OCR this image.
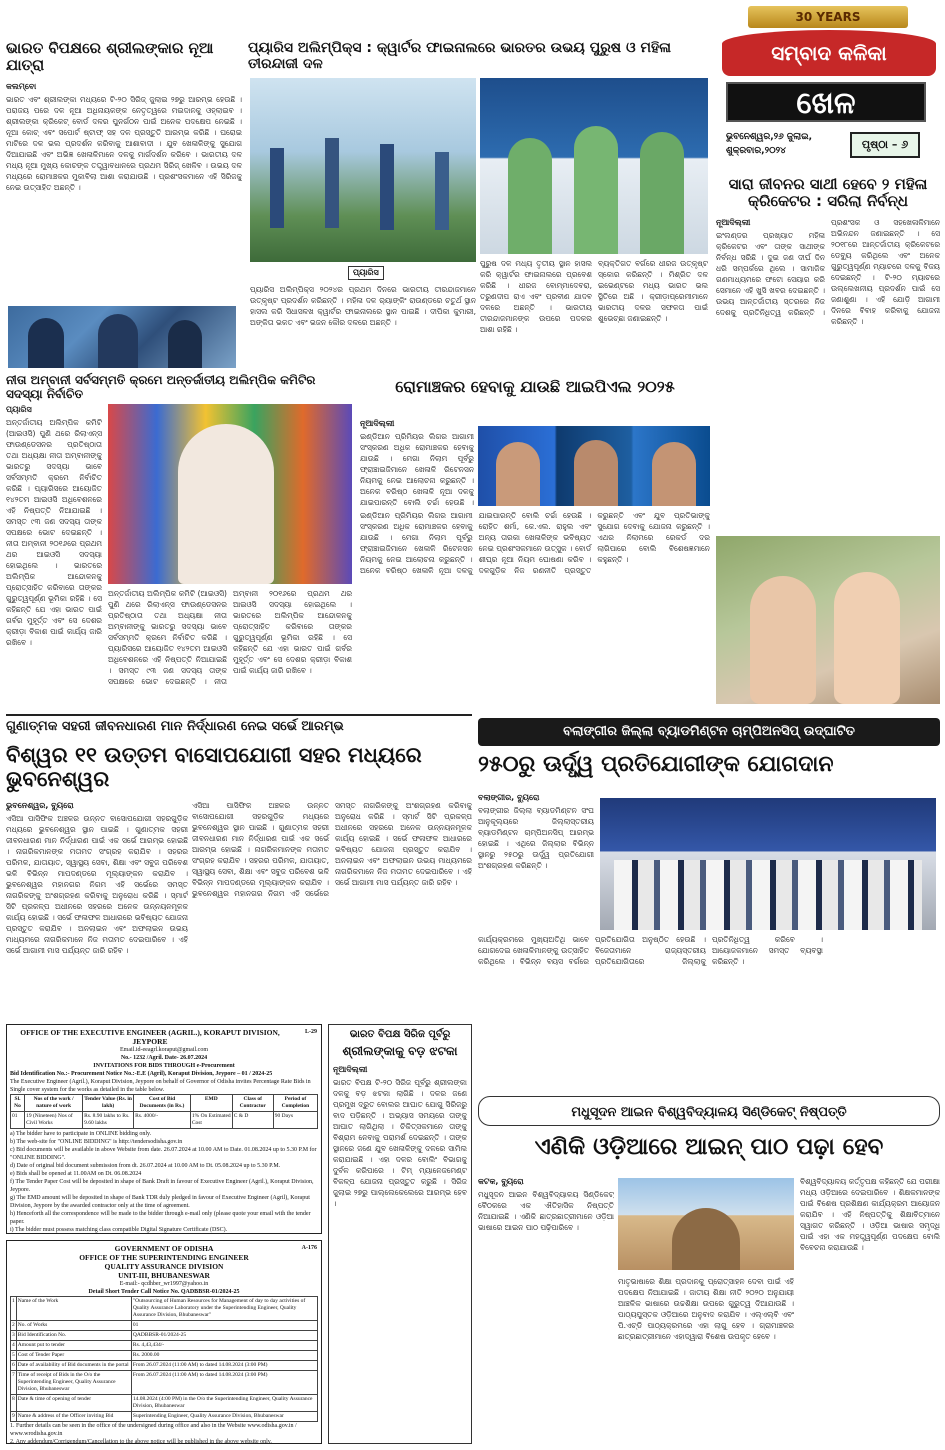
30 YEARS
ସମ୍ବାଦ କଳିକା
ଖେଳ
ଭୁବନେଶ୍ୱର,୨୬ ଜୁଲାଇ,
ଶୁକ୍ରବାର,୨୦୨୪	ପୃଷ୍ଠା – ୬
ଭାରତ ବିପକ୍ଷରେ ଶ୍ରୀଲଙ୍କାର ନୂଆ ଯାତ୍ରା
କଲମ୍ବୋ
ଭାରତ ଏବଂ ଶ୍ରୀଲଙ୍କା ମଧ୍ୟରେ ଟି-୨୦ ସିରିଜ୍ ଜୁଲାଇ ୨୭ରୁ ଆରମ୍ଭ ହେଉଛି । ପରାଜୟ ପରେ ଦଳ ନୂଆ ଅଧିନାୟକଙ୍କ ନେତୃତ୍ୱରେ ମଇଦାନକୁ ଓହ୍ଲାଇବ । ଶ୍ରୀଲଙ୍କା କ୍ରିକେଟ୍ ବୋର୍ଡ ଦଳର ପୁନର୍ଗଠନ ପାଇଁ ଅନେକ ପଦକ୍ଷେପ ନେଇଛି । ନୂଆ କୋଚ୍ ଏବଂ ସପୋର୍ଟ ଷ୍ଟାଫ୍ ସହ ଦଳ ପ୍ରସ୍ତୁତି ଆରମ୍ଭ କରିଛି । ଘରୋଇ ମାଟିରେ ଦଳ ଭଲ ପ୍ରଦର୍ଶନ କରିବାକୁ ଆଶାବାଦୀ । ଯୁବ ଖେଳାଳିଙ୍କୁ ସୁଯୋଗ ଦିଆଯାଇଛି ଏବଂ ଅଭିଜ୍ଞ ଖେଳାଳିମାନେ ଦଳକୁ ମାର୍ଗଦର୍ଶନ କରିବେ । ଭାରତୀୟ ଦଳ ମଧ୍ୟ ନୂଆ ମୁଖ୍ୟ କୋଚଙ୍କ ତତ୍ତ୍ୱାବଧାନରେ ପ୍ରଥମ ସିରିଜ୍ ଖେଳିବ । ଉଭୟ ଦଳ ମଧ୍ୟରେ ରୋମାଞ୍ଚକର ମୁକାବିଲା ଆଶା କରାଯାଉଛି । ପ୍ରଶଂସକମାନେ ଏହି ସିରିଜକୁ ନେଇ ଉତ୍ସାହିତ ଅଛନ୍ତି ।
ପ୍ୟାରିସ ଅଲିମ୍ପିକ୍ସ : କ୍ୱାର୍ଟର ଫାଇନାଲରେ ଭାରତର ଉଭୟ ପୁରୁଷ ଓ ମହିଳା ତୀରନ୍ଦାଜୀ ଦଳ
ପ୍ୟାରିସ
ପ୍ୟାରିସ ଅଲିମ୍ପିକ୍ସ ୨୦୨୪ର ପ୍ରଥମ ଦିନରେ ଭାରତୀୟ ତୀରନ୍ଦାଜମାନେ ଉତ୍କୃଷ୍ଟ ପ୍ରଦର୍ଶନ କରିଛନ୍ତି । ମହିଳା ଦଳ ର‍୍ୟାଙ୍କିଂ ରାଉଣ୍ଡରେ ଚତୁର୍ଥ ସ୍ଥାନ ହାସଲ କରି ସିଧାସଳଖ କ୍ୱାର୍ଟର ଫାଇନାଲରେ ସ୍ଥାନ ପାଇଛି । ଦୀପିକା କୁମାରୀ, ଅଙ୍କିତା ଭକତ ଏବଂ ଭଜନ କୌର ଦଳରେ ଅଛନ୍ତି ।
ପୁରୁଷ ଦଳ ମଧ୍ୟ ତୃତୀୟ ସ୍ଥାନ ହାସଲ କରି କ୍ୱାର୍ଟର ଫାଇନାଲରେ ପ୍ରବେଶ କରିଛି । ଧୀରଜ ବୋମ୍ମାଦେବରା, ତରୁଣଦୀପ ରାଏ ଏବଂ ପ୍ରବୀଣ ଯାଦବ ଦଳରେ ଅଛନ୍ତି । ଭାରତୀୟ ତୀରନ୍ଦାଜମାନଙ୍କ ଉପରେ ପଦକର ଆଶା ରହିଛି ।
ବ୍ୟକ୍ତିଗତ ବର୍ଗରେ ଧୀରଜ ଉତ୍କୃଷ୍ଟ ସ୍କୋର କରିଛନ୍ତି । ମିଶ୍ରିତ ଦଳ ଇଭେଣ୍ଟରେ ମଧ୍ୟ ଭାରତ ଭଲ ସ୍ଥିତିରେ ଅଛି । କ୍ରୀଡ଼ାପ୍ରେମୀମାନେ ଭାରତୀୟ ଦଳର ସଫଳତା ପାଇଁ ଶୁଭେଚ୍ଛା ଜଣାଇଛନ୍ତି ।
ସାରା ଜୀବନର ସାଥୀ ହେବେ ୨ ମହିଳା କ୍ରିକେଟର : ସରିଲା ନିର୍ବନ୍ଧ
ନୂଆଦିଲ୍ଲୀ
ଇଂଲଣ୍ଡର ପ୍ରଖ୍ୟାତ ମହିଳା କ୍ରିକେଟର ଏବଂ ତାଙ୍କ ସାଥୀଙ୍କ ନିର୍ବନ୍ଧ ସରିଛି । ଦୁଇ ଜଣ ଦୀର୍ଘ ଦିନ ଧରି ସମ୍ପର୍କରେ ଥିଲେ । ସାମାଜିକ ଗଣମାଧ୍ୟମରେ ଫଟୋ ସେୟାର କରି ସେମାନେ ଏହି ଖୁସି ଖବର ଦେଇଛନ୍ତି । ଉଭୟ ଆନ୍ତର୍ଜାତୀୟ ସ୍ତରରେ ନିଜ ଦେଶକୁ ପ୍ରତିନିଧିତ୍ୱ କରିଛନ୍ତି । ପ୍ରଶଂସକ ଓ ସହଖେଳାଳିମାନେ ଅଭିନନ୍ଦନ ଜଣାଇଛନ୍ତି । ସେ ୨୦୧୮ରେ ଆନ୍ତର୍ଜାତୀୟ କ୍ରିକେଟରେ ଡେବ୍ୟୁ କରିଥିଲେ ଏବଂ ଅନେକ ଗୁରୁତ୍ୱପୂର୍ଣ୍ଣ ମ୍ୟାଚରେ ଦଳକୁ ବିଜୟ ଦେଇଛନ୍ତି । ଟି-୨୦ ମ୍ୟାଚରେ ଉଲ୍ଲେଖନୀୟ ପ୍ରଦର୍ଶନ ପାଇଁ ସେ ଜଣାଶୁଣା । ଏହି ଯୋଡ଼ି ଆଗାମୀ ଦିନରେ ବିବାହ କରିବାକୁ ଯୋଜନା କରିଛନ୍ତି ।
ନୀତା ଅମ୍ବାନୀ ସର୍ବସମ୍ମତି କ୍ରମେ ଅନ୍ତର୍ଜାତୀୟ ଅଲିମ୍ପିକ କମିଟିର ସଦସ୍ୟା ନିର୍ବାଚିତ
ପ୍ୟାରିସ
ଅନ୍ତର୍ଜାତୀୟ ଅଲିମ୍ପିକ କମିଟି (ଆଇଓସି) ପୁଣି ଥରେ ରିଲାଏନ୍ସ ଫାଉଣ୍ଡେସନର ପ୍ରତିଷ୍ଠାତା ତଥା ଅଧ୍ୟକ୍ଷା ନୀତା ଅମ୍ବାନୀଙ୍କୁ ଭାରତରୁ ସଦସ୍ୟା ଭାବେ ସର୍ବସମ୍ମତି କ୍ରମେ ନିର୍ବାଚିତ କରିଛି । ପ୍ୟାରିସରେ ଆୟୋଜିତ ୧୪୨ତମ ଆଇଓସି ଅଧିବେଶନରେ ଏହି ନିଷ୍ପତ୍ତି ନିଆଯାଇଛି । ସମସ୍ତ ୯୩ ଜଣ ସଦସ୍ୟ ତାଙ୍କ ସପକ୍ଷରେ ଭୋଟ ଦେଇଛନ୍ତି । ନୀତା ଅମ୍ବାନୀ ୨୦୧୬ରେ ପ୍ରଥମ ଥର ଆଇଓସି ସଦସ୍ୟା ହୋଇଥିଲେ । ଭାରତରେ ଅଲିମ୍ପିକ ଆନ୍ଦୋଳନକୁ ପ୍ରୋତ୍ସାହିତ କରିବାରେ ତାଙ୍କର ଗୁରୁତ୍ୱପୂର୍ଣ୍ଣ ଭୂମିକା ରହିଛି । ସେ କହିଛନ୍ତି ଯେ ଏହା ଭାରତ ପାଇଁ ଗର୍ବର ମୁହୂର୍ତ୍ତ ଏବଂ ସେ ଦେଶର କ୍ରୀଡ଼ା ବିକାଶ ପାଇଁ କାର୍ଯ୍ୟ ଜାରି ରଖିବେ ।
ଅନ୍ତର୍ଜାତୀୟ ଅଲିମ୍ପିକ କମିଟି (ଆଇଓସି) ପୁଣି ଥରେ ରିଲାଏନ୍ସ ଫାଉଣ୍ଡେସନର ପ୍ରତିଷ୍ଠାତା ତଥା ଅଧ୍ୟକ୍ଷା ନୀତା ଅମ୍ବାନୀଙ୍କୁ ଭାରତରୁ ସଦସ୍ୟା ଭାବେ ସର୍ବସମ୍ମତି କ୍ରମେ ନିର୍ବାଚିତ କରିଛି । ପ୍ୟାରିସରେ ଆୟୋଜିତ ୧୪୨ତମ ଆଇଓସି ଅଧିବେଶନରେ ଏହି ନିଷ୍ପତ୍ତି ନିଆଯାଇଛି । ସମସ୍ତ ୯୩ ଜଣ ସଦସ୍ୟ ତାଙ୍କ ସପକ୍ଷରେ ଭୋଟ ଦେଇଛନ୍ତି । ନୀତା ଅମ୍ବାନୀ ୨୦୧୬ରେ ପ୍ରଥମ ଥର ଆଇଓସି ସଦସ୍ୟା ହୋଇଥିଲେ । ଭାରତରେ ଅଲିମ୍ପିକ ଆନ୍ଦୋଳନକୁ ପ୍ରୋତ୍ସାହିତ କରିବାରେ ତାଙ୍କର ଗୁରୁତ୍ୱପୂର୍ଣ୍ଣ ଭୂମିକା ରହିଛି । ସେ କହିଛନ୍ତି ଯେ ଏହା ଭାରତ ପାଇଁ ଗର୍ବର ମୁହୂର୍ତ୍ତ ଏବଂ ସେ ଦେଶର କ୍ରୀଡ଼ା ବିକାଶ ପାଇଁ କାର୍ଯ୍ୟ ଜାରି ରଖିବେ ।
ରୋମାଞ୍ଚକର ହେବାକୁ ଯାଉଛି ଆଇପିଏଲ ୨୦୨୫
ନୂଆଦିଲ୍ଲୀ
ଇଣ୍ଡିଆନ ପ୍ରିମିୟର ଲିଗର ଆଗାମୀ ସଂସ୍କରଣ ଅଧିକ ରୋମାଞ୍ଚକର ହେବାକୁ ଯାଉଛି । ମେଗା ନିଲାମ ପୂର୍ବରୁ ଫ୍ରାଞ୍ଚାଇଜିମାନେ ଖେଳାଳି ରିଟେନସନ ନିୟମକୁ ନେଇ ଆଲୋଚନା କରୁଛନ୍ତି । ଅନେକ ବରିଷ୍ଠ ଖେଳାଳି ନୂଆ ଦଳକୁ ଯାଇପାରନ୍ତି ବୋଲି ଚର୍ଚ୍ଚା ହେଉଛି ।
ଇଣ୍ଡିଆନ ପ୍ରିମିୟର ଲିଗର ଆଗାମୀ ସଂସ୍କରଣ ଅଧିକ ରୋମାଞ୍ଚକର ହେବାକୁ ଯାଉଛି । ମେଗା ନିଲାମ ପୂର୍ବରୁ ଫ୍ରାଞ୍ଚାଇଜିମାନେ ଖେଳାଳି ରିଟେନସନ ନିୟମକୁ ନେଇ ଆଲୋଚନା କରୁଛନ୍ତି । ଅନେକ ବରିଷ୍ଠ ଖେଳାଳି ନୂଆ ଦଳକୁ ଯାଇପାରନ୍ତି ବୋଲି ଚର୍ଚ୍ଚା ହେଉଛି । ରୋହିତ ଶର୍ମା, କେ.ଏଲ. ରାହୁଲ ଏବଂ ଅନ୍ୟ ତାରକା ଖେଳାଳିଙ୍କ ଭବିଷ୍ୟତ ନେଇ ପ୍ରଶଂସକମାନେ ଉତ୍ସୁକ । ବୋର୍ଡ ଶୀଘ୍ର ନୂଆ ନିୟମ ଘୋଷଣା କରିବ । ଦଳଗୁଡ଼ିକ ନିଜ ରଣନୀତି ପ୍ରସ୍ତୁତ କରୁଛନ୍ତି ଏବଂ ଯୁବ ପ୍ରତିଭାଙ୍କୁ ସୁଯୋଗ ଦେବାକୁ ଯୋଜନା କରୁଛନ୍ତି । ଏଥର ନିଲାମରେ ରେକର୍ଡ ଦର ଲାଗିପାରେ ବୋଲି ବିଶେଷଜ୍ଞମାନେ କହୁଛନ୍ତି ।
ଗୁଣାତ୍ମକ ସହରୀ ଜୀବନଧାରଣ ମାନ ନିର୍ଦ୍ଧାରଣ ନେଇ ସର୍ଭେ ଆରମ୍ଭ
ବିଶ୍ୱର ୧୧ ଉତ୍ତମ ବାସୋପଯୋଗୀ ସହର ମଧ୍ୟରେ ଭୁବନେଶ୍ୱର
ଭୁବନେଶ୍ୱର, ବ୍ୟୁରୋ
ଏସିଆ ପାସିଫିକ ଅଞ୍ଚଳର ଉନ୍ନତ ବାସୋପଯୋଗୀ ସହରଗୁଡ଼ିକ ମଧ୍ୟରେ ଭୁବନେଶ୍ୱର ସ୍ଥାନ ପାଇଛି । ଗୁଣାତ୍ମକ ସହରୀ ଜୀବନଧାରଣ ମାନ ନିର୍ଦ୍ଧାରଣ ପାଇଁ ଏକ ସର୍ଭେ ଆରମ୍ଭ ହୋଇଛି । ନାଗରିକମାନଙ୍କ ମତାମତ ସଂଗ୍ରହ କରାଯିବ । ସହରର ପରିମଳ, ଯାତାୟାତ, ସ୍ୱାସ୍ଥ୍ୟ ସେବା, ଶିକ୍ଷା ଏବଂ ସବୁଜ ପରିବେଶ ଭଳି ବିଭିନ୍ନ ମାପଦଣ୍ଡରେ ମୂଲ୍ୟାଙ୍କନ କରାଯିବ । ଭୁବନେଶ୍ୱର ମହାନଗର ନିଗମ ଏହି ସର୍ଭେରେ ସମସ୍ତ ନାଗରିକଙ୍କୁ ଅଂଶଗ୍ରହଣ କରିବାକୁ ଅନୁରୋଧ କରିଛି । ସ୍ମାର୍ଟ ସିଟି ପ୍ରକଳ୍ପ ଅଧୀନରେ ସହରରେ ଅନେକ ଉନ୍ନୟନମୂଳକ କାର୍ଯ୍ୟ ହୋଇଛି । ସର୍ଭେ ଫଳାଫଳ ଆଧାରରେ ଭବିଷ୍ୟତ ଯୋଜନା ପ୍ରସ୍ତୁତ କରାଯିବ । ଅନଲାଇନ ଏବଂ ଅଫଲାଇନ ଉଭୟ ମାଧ୍ୟମରେ ନାଗରିକମାନେ ନିଜ ମତାମତ ଦେଇପାରିବେ । ଏହି ସର୍ଭେ ଆଗାମୀ ମାସ ପର୍ଯ୍ୟନ୍ତ ଜାରି ରହିବ ।
ଏସିଆ ପାସିଫିକ ଅଞ୍ଚଳର ଉନ୍ନତ ବାସୋପଯୋଗୀ ସହରଗୁଡ଼ିକ ମଧ୍ୟରେ ଭୁବନେଶ୍ୱର ସ୍ଥାନ ପାଇଛି । ଗୁଣାତ୍ମକ ସହରୀ ଜୀବନଧାରଣ ମାନ ନିର୍ଦ୍ଧାରଣ ପାଇଁ ଏକ ସର୍ଭେ ଆରମ୍ଭ ହୋଇଛି । ନାଗରିକମାନଙ୍କ ମତାମତ ସଂଗ୍ରହ କରାଯିବ । ସହରର ପରିମଳ, ଯାତାୟାତ, ସ୍ୱାସ୍ଥ୍ୟ ସେବା, ଶିକ୍ଷା ଏବଂ ସବୁଜ ପରିବେଶ ଭଳି ବିଭିନ୍ନ ମାପଦଣ୍ଡରେ ମୂଲ୍ୟାଙ୍କନ କରାଯିବ । ଭୁବନେଶ୍ୱର ମହାନଗର ନିଗମ ଏହି ସର୍ଭେରେ ସମସ୍ତ ନାଗରିକଙ୍କୁ ଅଂଶଗ୍ରହଣ କରିବାକୁ ଅନୁରୋଧ କରିଛି । ସ୍ମାର୍ଟ ସିଟି ପ୍ରକଳ୍ପ ଅଧୀନରେ ସହରରେ ଅନେକ ଉନ୍ନୟନମୂଳକ କାର୍ଯ୍ୟ ହୋଇଛି । ସର୍ଭେ ଫଳାଫଳ ଆଧାରରେ ଭବିଷ୍ୟତ ଯୋଜନା ପ୍ରସ୍ତୁତ କରାଯିବ । ଅନଲାଇନ ଏବଂ ଅଫଲାଇନ ଉଭୟ ମାଧ୍ୟମରେ ନାଗରିକମାନେ ନିଜ ମତାମତ ଦେଇପାରିବେ । ଏହି ସର୍ଭେ ଆଗାମୀ ମାସ ପର୍ଯ୍ୟନ୍ତ ଜାରି ରହିବ ।
ବଲାଙ୍ଗୀର ଜିଲ୍ଲା ବ୍ୟାଡମିଣ୍ଟନ ଚାମ୍ପିଅନସିପ୍ ଉଦ୍‌ଘାଟିତ
୨୫୦ରୁ ଊର୍ଦ୍ଧ୍ୱ ପ୍ରତିଯୋଗୀଙ୍କ ଯୋଗଦାନ
ବଲାଙ୍ଗୀର, ବ୍ୟୁରୋ
ବଲାଙ୍ଗୀର ଜିଲ୍ଲା ବ୍ୟାଡମିଣ୍ଟନ ସଂଘ ଆନୁକୂଲ୍ୟରେ ଜିଲ୍ଲାସ୍ତରୀୟ ବ୍ୟାଡମିଣ୍ଟନ ଚାମ୍ପିଅନସିପ୍ ଆରମ୍ଭ ହୋଇଛି । ଏଥିରେ ଜିଲ୍ଲାର ବିଭିନ୍ନ ସ୍ଥାନରୁ ୨୫୦ରୁ ଊର୍ଦ୍ଧ୍ୱ ପ୍ରତିଯୋଗୀ ଅଂଶଗ୍ରହଣ କରିଛନ୍ତି ।
କାର୍ଯ୍ୟକ୍ରମରେ ମୁଖ୍ୟଅତିଥି ଭାବେ ଯୋଗଦେଇ ଖେଳାଳିମାନଙ୍କୁ ଉତ୍ସାହିତ କରିଥିଲେ । ବିଭିନ୍ନ ବୟସ ବର୍ଗରେ ପ୍ରତିଯୋଗିତା ଅନୁଷ୍ଠିତ ହେଉଛି । ବିଜେତାମାନେ ରାଜ୍ୟସ୍ତରୀୟ ପ୍ରତିଯୋଗିତାରେ ଜିଲ୍ଲାକୁ ପ୍ରତିନିଧିତ୍ୱ କରିବେ । ଆୟୋଜକମାନେ ସମସ୍ତ ବ୍ୟବସ୍ଥା କରିଛନ୍ତି ।
L-29
OFFICE OF THE EXECUTIVE ENGINEER (AGRIL.), KORAPUT DIVISION, JEYPORE
Email.id-eeagrl.koraput@gmail.com
No.- 1232 /Agril. Date- 26.07.2024
INVITATIONS FOR BIDS THROUGH e-Procurement
Bid Identification No.:- Procurement Notice No.:-E.E (Agril), Koraput Division, Jeypore – 01 / 2024-25
The Executive Engineer (Agril.), Koraput Division, Jeypore on behalf of Governor of Odisha invites Percentage Rate Bids in Single cover system for the works as detailed in the table below.
Sl. No	Nos of the work / nature of work	Tender Value (Rs. in lakh)	Cost of Bid Documents (in Rs.)	EMD	Class of Contractor	Period of Completion
01	19 (Nineteen) Nos of Civil Works	Rs. 8.90 lakhs to Rs. 9.60 lakhs	Rs. 4000/-	1% On Estimated Cost	C & D	90 Days
a) The bidder have to participate in ONLINE bidding only.
b) The web-site for "ONLINE BIDDING" is http://tendersodisha.gov.in
c) Bid documents will be available in above Website from date. 26.07.2024 at 10.00 AM to Date. 01.08.2024 up to 5.30 P.M for "ONLINE BIDDING".
d) Date of original bid document submission from dt. 26.07.2024 at 10.00 AM to Dt. 05.08.2024 up to 5.30 P.M.
e) Bids shall be opened at 11.00AM on Dt. 06.08.2024
f) The Tender Paper Cost will be deposited in shape of Bank Draft in favour of Executive Engineer (Agril.), Koraput Division, Jeypore.
g) The EMD amount will be deposited in shape of Bank TDR duly pledged in favour of Executive Engineer (Agril), Koraput Division, Jeypore by the awarded contractor only at the time of agreement.
h) Henceforth all the correspondence will be made to the bidder through e-mail only (please quote your email with the tender paper.
i) The bidder must possess matching class compatible Digital Signature Certificate (DSC).
A-176
GOVERNMENT OF ODISHA
OFFICE OF THE SUPERINTENDING ENGINEER
QUALITY ASSURANCE DIVISION
UNIT-III, BHUBANESWAR
E-mail:- qcdhber_wr1997@yahoo.in
Detail Short Tender Call Notice No. QADBBSR-01/2024-25
1	Name of the Work	"Outsourcing of Human Resources for Management of day to day activities of Quality Assurance Laboratory under the Superintending Engineer, Quality Assurance Division, Bhubaneswar"
2	No. of Works	01
3	Bid Identification No.	QADBBSR-01/2024-25
4	Amount put to tender	Rs. 4,43,434/-
5	Cost of Tender Paper	Rs. 2000.00
6	Date of availability of Bid documents in the portal	From 26.07.2024 (11:00 AM) to dated 14.08.2024 (3:00 PM)
7	Time of receipt of Bids in the O/o the Superintending Engineer, Quality Assurance Division, Bhubaneswar	From 26.07.2024 (11:00 AM) to dated 14.08.2024 (3:00 PM)
8	Date & time of opening of tender	14.08.2024 (4:00 PM) in the O/o the Superintending Engineer, Quality Assurance Division, Bhubaneswar
9	Name & address of the Officer inviting Bid	Superintending Engineer, Quality Assurance Division, Bhubaneswar
1. Further details can be seen in the office of the undersigned during office and also in the Website www.odisha.gov.in / www.wrodisha.gov.in
2. Any addendum/Corrigendum/Cancellation to the above notice will be published in the above website only.
ଭାରତ ବିପକ୍ଷ ସିରିଜ ପୂର୍ବରୁ
ଶ୍ରୀଲଙ୍କାକୁ ବଡ଼ ଝଟକା
ନୂଆଦିଲ୍ଲୀ
ଭାରତ ବିପକ୍ଷ ଟି-୨୦ ସିରିଜ ପୂର୍ବରୁ ଶ୍ରୀଲଙ୍କା ଦଳକୁ ବଡ଼ ଝଟକା ଲାଗିଛି । ଦଳର ଜଣେ ପ୍ରମୁଖ ଦ୍ରୁତ ବୋଲର ଆଘାତ ଯୋଗୁ ସିରିଜରୁ ବାଦ ପଡ଼ିଛନ୍ତି । ଅଭ୍ୟାସ ସମୟରେ ତାଙ୍କୁ ଆଘାତ ଲାଗିଥିଲା । ଚିକିତ୍ସକମାନେ ତାଙ୍କୁ ବିଶ୍ରାମ ନେବାକୁ ପରାମର୍ଶ ଦେଇଛନ୍ତି । ତାଙ୍କ ସ୍ଥାନରେ ଜଣେ ଯୁବ ଖେଳାଳିଙ୍କୁ ଦଳରେ ସାମିଲ କରାଯାଇଛି । ଏହା ଦଳର ବୋଲିଂ ବିଭାଗକୁ ଦୁର୍ବଳ କରିପାରେ । ଟିମ୍ ମ୍ୟାନେଜମେଣ୍ଟ ବିକଳ୍ପ ଯୋଜନା ପ୍ରସ୍ତୁତ କରୁଛି । ସିରିଜ ଜୁଲାଇ ୨୭ରୁ ପାଲ୍ଲେକେଲେରେ ଆରମ୍ଭ ହେବ ।
ମଧୁସୂଦନ ଆଇନ ବିଶ୍ୱବିଦ୍ୟାଳୟ ସିଣ୍ଡିକେଟ୍ ନିଷ୍ପତ୍ତି
ଏଣିକି ଓଡ଼ିଆରେ ଆଇନ୍ ପାଠ ପଢ଼ା ହେବ
କଟକ, ବ୍ୟୁରୋ
ମଧୁସୂଦନ ଆଇନ ବିଶ୍ୱବିଦ୍ୟାଳୟ ସିଣ୍ଡିକେଟ୍ ବୈଠକରେ ଏକ ଐତିହାସିକ ନିଷ୍ପତ୍ତି ନିଆଯାଇଛି । ଏଣିକି ଛାତ୍ରଛାତ୍ରୀମାନେ ଓଡ଼ିଆ ଭାଷାରେ ଆଇନ ପାଠ ପଢ଼ିପାରିବେ ।
ମାତୃଭାଷାରେ ଶିକ୍ଷା ପ୍ରଦାନକୁ ପ୍ରୋତ୍ସାହନ ଦେବା ପାଇଁ ଏହି ପଦକ୍ଷେପ ନିଆଯାଇଛି । ଜାତୀୟ ଶିକ୍ଷା ନୀତି ୨୦୨୦ ଅନୁଯାୟୀ ଆଞ୍ଚଳିକ ଭାଷାରେ ଉଚ୍ଚଶିକ୍ଷା ଉପରେ ଗୁରୁତ୍ୱ ଦିଆଯାଉଛି । ପାଠ୍ୟପୁସ୍ତକ ଓଡ଼ିଆରେ ଅନୁବାଦ କରାଯିବ । ଏଲ୍‌ଏଲ୍‌ବି ଏବଂ ପି.ଏଚ୍‌ଡି ପାଠ୍ୟକ୍ରମରେ ଏହା ଲାଗୁ ହେବ । ଗ୍ରାମାଞ୍ଚଳର ଛାତ୍ରଛାତ୍ରୀମାନେ ଏହାଦ୍ୱାରା ବିଶେଷ ଉପକୃତ ହେବେ ।
ବିଶ୍ୱବିଦ୍ୟାଳୟ କର୍ତ୍ତୃପକ୍ଷ କହିଛନ୍ତି ଯେ ପରୀକ୍ଷା ମଧ୍ୟ ଓଡ଼ିଆରେ ଦେଇପାରିବେ । ଶିକ୍ଷକମାନଙ୍କ ପାଇଁ ବିଶେଷ ପ୍ରଶିକ୍ଷଣ କାର୍ଯ୍ୟକ୍ରମ ଆୟୋଜନ କରାଯିବ । ଏହି ନିଷ୍ପତ୍ତିକୁ ଶିକ୍ଷାବିତ୍‌ମାନେ ସ୍ୱାଗତ କରିଛନ୍ତି । ଓଡ଼ିଆ ଭାଷାର ସମୃଦ୍ଧି ପାଇଁ ଏହା ଏକ ମହତ୍ତ୍ୱପୂର୍ଣ୍ଣ ପଦକ୍ଷେପ ବୋଲି ବିବେଚନା କରାଯାଉଛି ।
